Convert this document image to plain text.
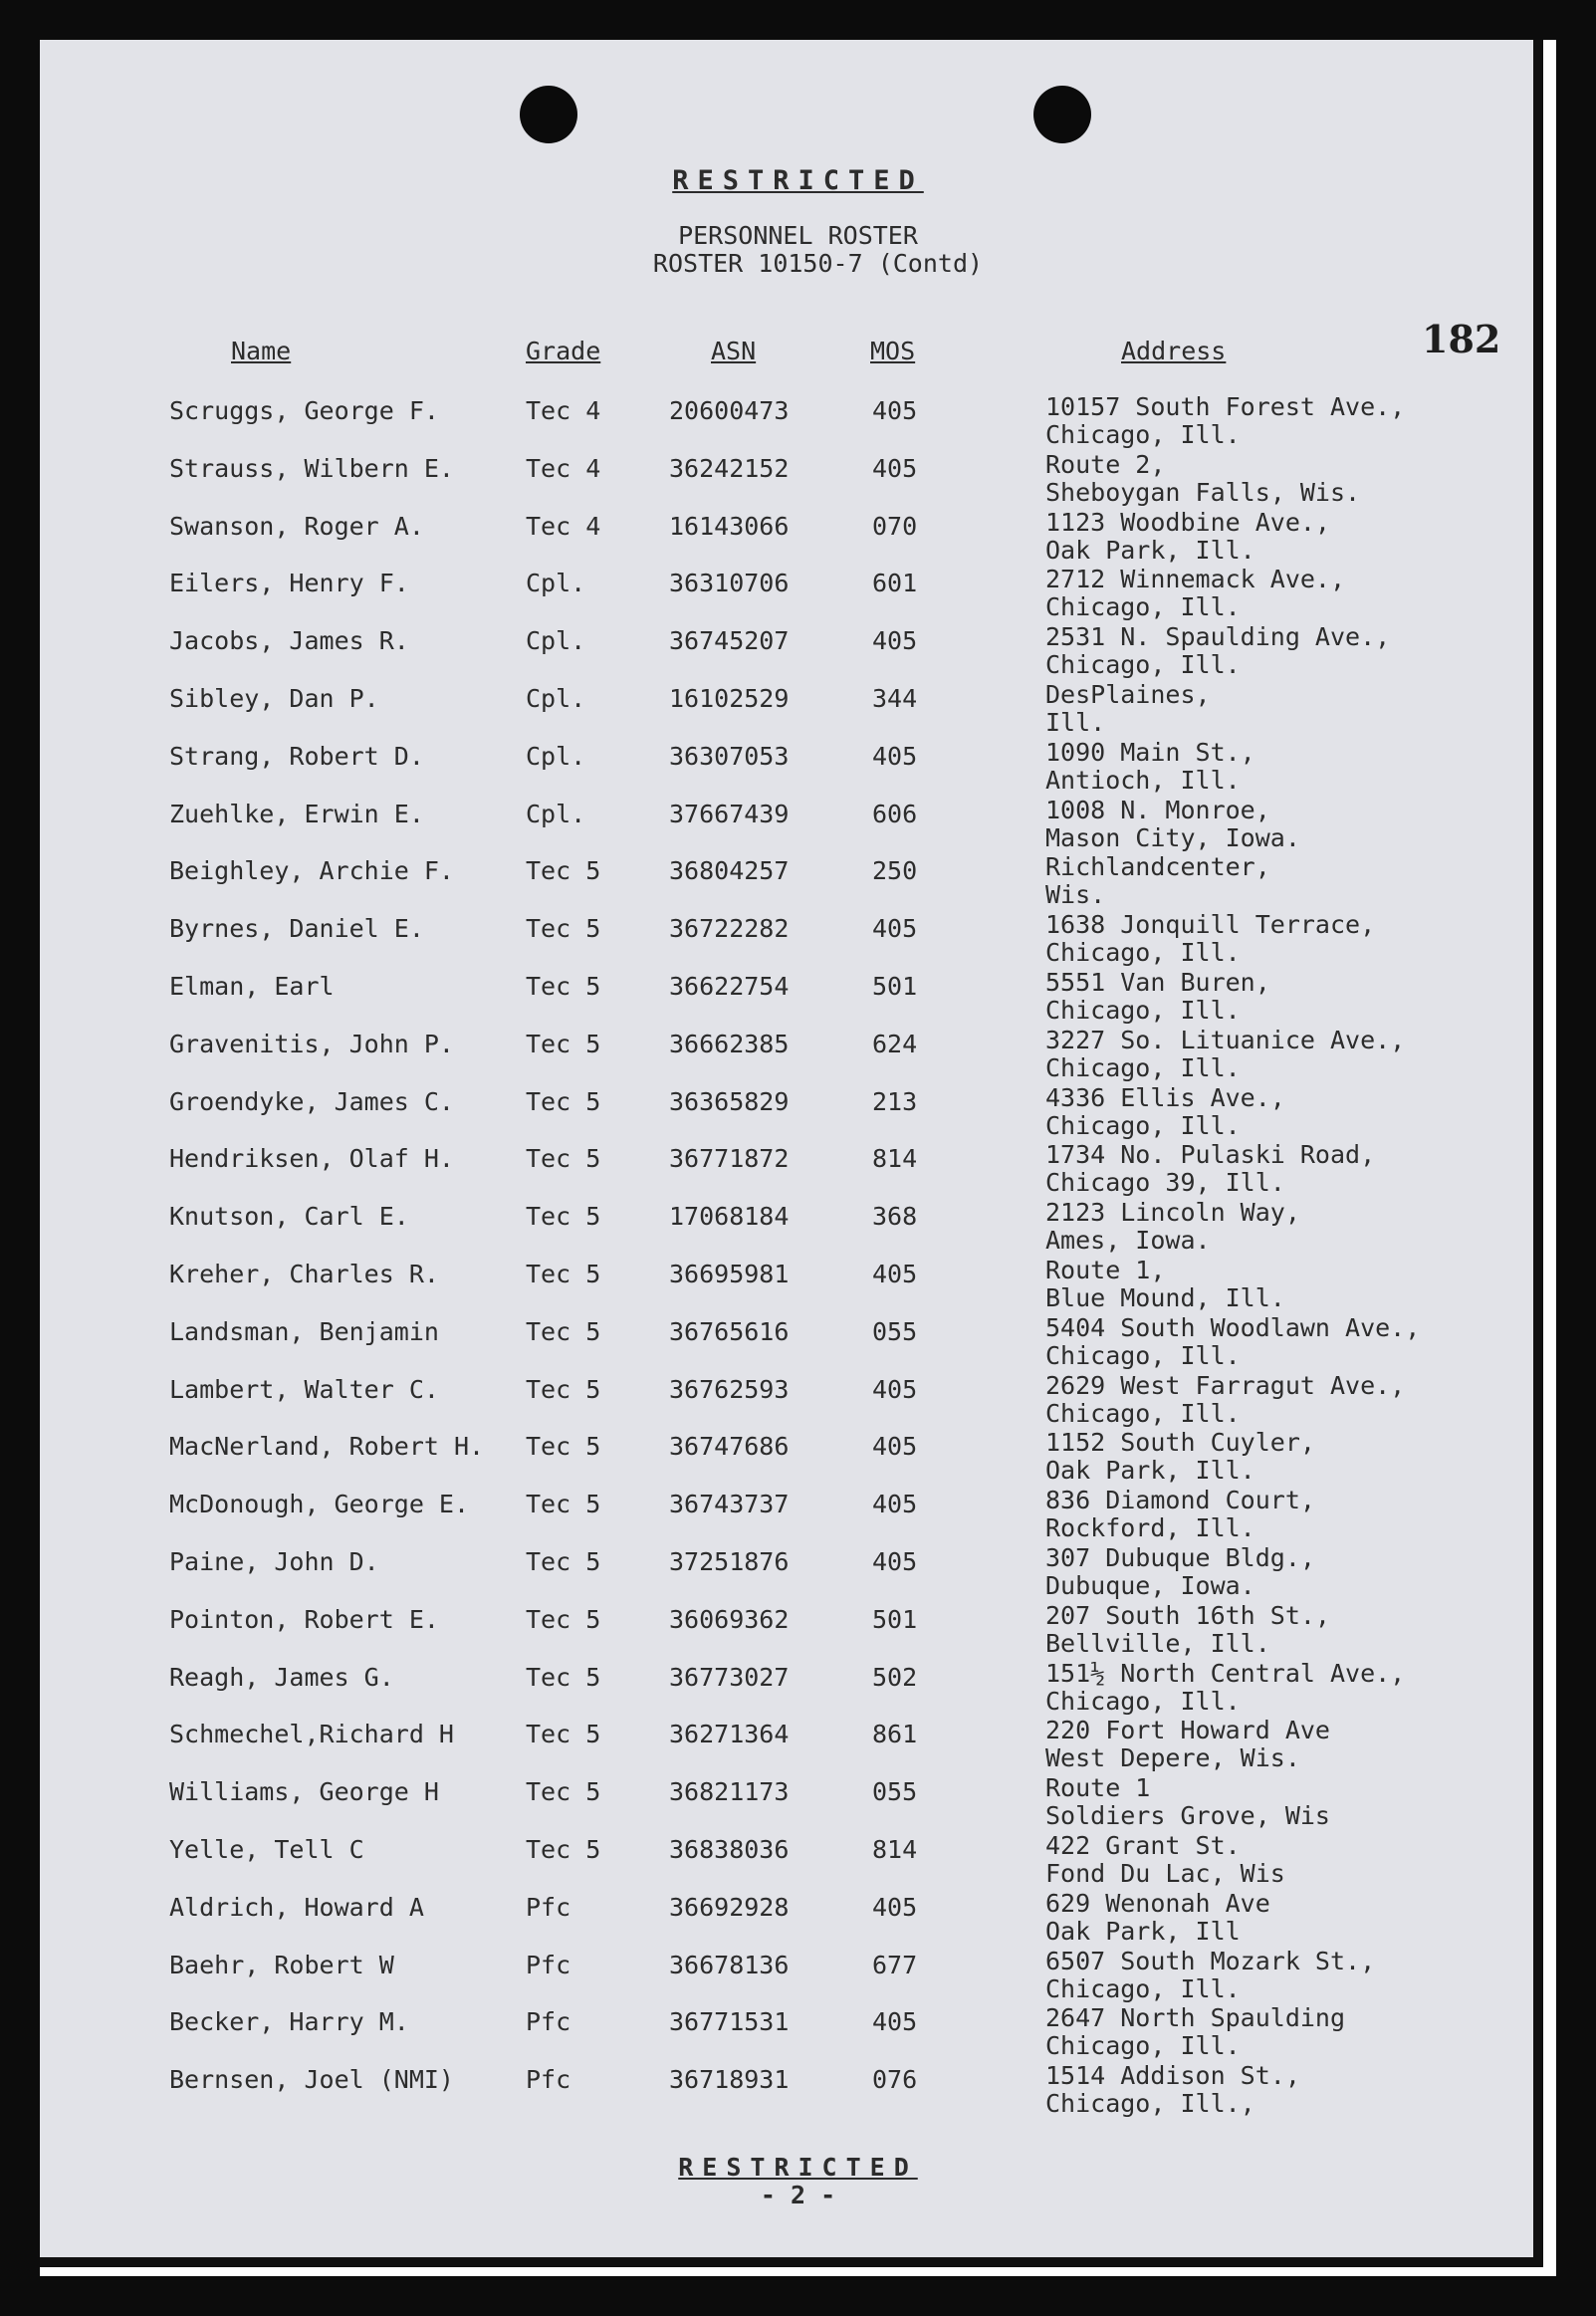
RESTRICTED
PERSONNEL ROSTER
ROSTER 10150-7 (Contd)
182
Name	Grade	ASN	MOS	Address
Scruggs, George F.	Tec 4	20600473	405	10157 South Forest Ave.,
Chicago, Ill.
Strauss, Wilbern E.	Tec 4	36242152	405	Route 2,
Sheboygan Falls, Wis.
Swanson, Roger A.	Tec 4	16143066	070	1123 Woodbine Ave.,
Oak Park, Ill.
Eilers, Henry F.	Cpl.	36310706	601	2712 Winnemack Ave.,
Chicago, Ill.
Jacobs, James R.	Cpl.	36745207	405	2531 N. Spaulding Ave.,
Chicago, Ill.
Sibley, Dan P.	Cpl.	16102529	344	DesPlaines,
Ill.
Strang, Robert D.	Cpl.	36307053	405	1090 Main St.,
Antioch, Ill.
Zuehlke, Erwin E.	Cpl.	37667439	606	1008 N. Monroe,
Mason City, Iowa.
Beighley, Archie F.	Tec 5	36804257	250	Richlandcenter,
Wis.
Byrnes, Daniel E.	Tec 5	36722282	405	1638 Jonquill Terrace,
Chicago, Ill.
Elman, Earl	Tec 5	36622754	501	5551 Van Buren,
Chicago, Ill.
Gravenitis, John P.	Tec 5	36662385	624	3227 So. Lituanice Ave.,
Chicago, Ill.
Groendyke, James C.	Tec 5	36365829	213	4336 Ellis Ave.,
Chicago, Ill.
Hendriksen, Olaf H.	Tec 5	36771872	814	1734 No. Pulaski Road,
Chicago 39, Ill.
Knutson, Carl E.	Tec 5	17068184	368	2123 Lincoln Way,
Ames, Iowa.
Kreher, Charles R.	Tec 5	36695981	405	Route 1,
Blue Mound, Ill.
Landsman, Benjamin	Tec 5	36765616	055	5404 South Woodlawn Ave.,
Chicago, Ill.
Lambert, Walter C.	Tec 5	36762593	405	2629 West Farragut Ave.,
Chicago, Ill.
MacNerland, Robert H. Tec 5	36747686	405	1152 South Cuyler,
Oak Park, Ill.
McDonough, George E. Tec 5	36743737	405	836 Diamond Court,
Rockford, Ill.
Paine, John D.	Tec 5	37251876	405	307 Dubuque Bldg.,
Dubuque, Iowa.
Pointon, Robert E.	Tec 5	36069362	501	207 South 16th St.,
Bellville, Ill.
Reagh, James G.	Tec 5	36773027	502	151½ North Central Ave.,
Chicago, Ill.
Schmechel,Richard H	Tec 5	36271364	861	220 Fort Howard Ave
West Depere, Wis.
Williams, George H	Tec 5	36821173	055	Route 1
Soldiers Grove, Wis
Yelle, Tell C	Tec 5	36838036	814	422 Grant St.
Fond Du Lac, Wis
Aldrich, Howard A	Pfc	36692928	405	629 Wenonah Ave
Oak Park, Ill
Baehr, Robert W	Pfc	36678136	677	6507 South Mozark St.,
Chicago, Ill.
Becker, Harry M.	Pfc	36771531	405	2647 North Spaulding
Chicago, Ill.
Bernsen, Joel (NMI)	Pfc	36718931	076	1514 Addison St.,
Chicago, Ill.,
RESTRICTED
- 2 -
